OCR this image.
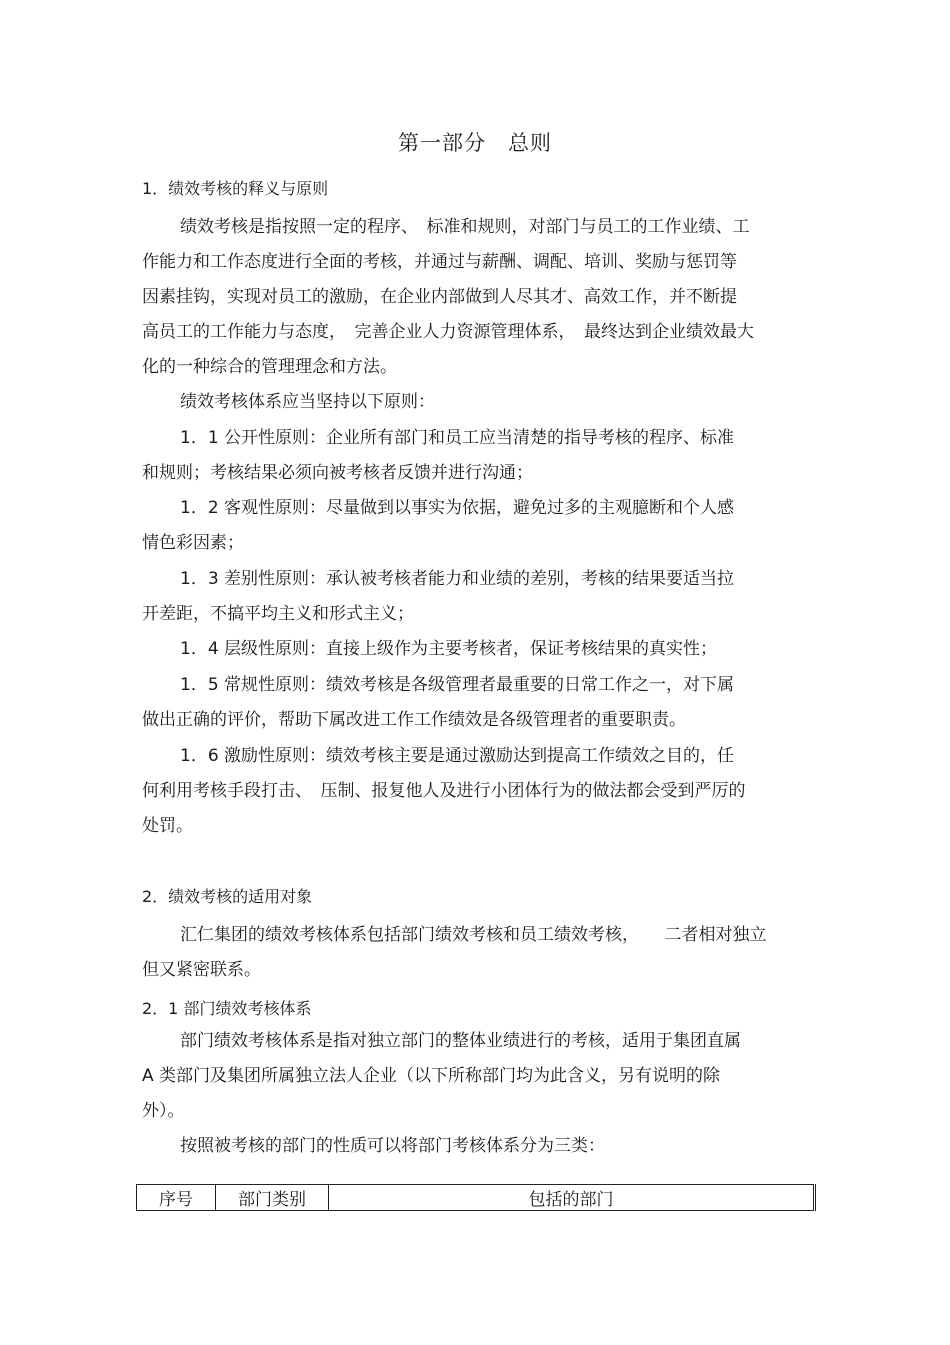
第一部分　总则
1．绩效考核的释义与原则
绩效考核是指按照一定的程序、　标准和规则，对部门与员工的工作业绩、工
作能力和工作态度进行全面的考核，并通过与薪酬、调配、培训、奖励与惩罚等
因素挂钩，实现对员工的激励，在企业内部做到人尽其才、高效工作，并不断提
高员工的工作能力与态度，　完善企业人力资源管理体系，　最终达到企业绩效最大
化的一种综合的管理理念和方法。
绩效考核体系应当坚持以下原则：
1．1 公开性原则：企业所有部门和员工应当清楚的指导考核的程序、标准
和规则；考核结果必须向被考核者反馈并进行沟通；
1．2 客观性原则：尽量做到以事实为依据，避免过多的主观臆断和个人感
情色彩因素；
1．3 差别性原则：承认被考核者能力和业绩的差别，考核的结果要适当拉
开差距，不搞平均主义和形式主义；
1．4 层级性原则：直接上级作为主要考核者，保证考核结果的真实性；
1．5 常规性原则：绩效考核是各级管理者最重要的日常工作之一，对下属
做出正确的评价，帮助下属改进工作工作绩效是各级管理者的重要职责。
1．6 激励性原则：绩效考核主要是通过激励达到提高工作绩效之目的，任
何利用考核手段打击、　压制、报复他人及进行小团体行为的做法都会受到严厉的
处罚。
2．绩效考核的适用对象
汇仁集团的绩效考核体系包括部门绩效考核和员工绩效考核，　　二者相对独立
但又紧密联系。
2．1 部门绩效考核体系
部门绩效考核体系是指对独立部门的整体业绩进行的考核，适用于集团直属
A 类部门及集团所属独立法人企业（以下所称部门均为此含义，另有说明的除
外）。
按照被考核的部门的性质可以将部门考核体系分为三类：
序号	部门类别	包括的部门
